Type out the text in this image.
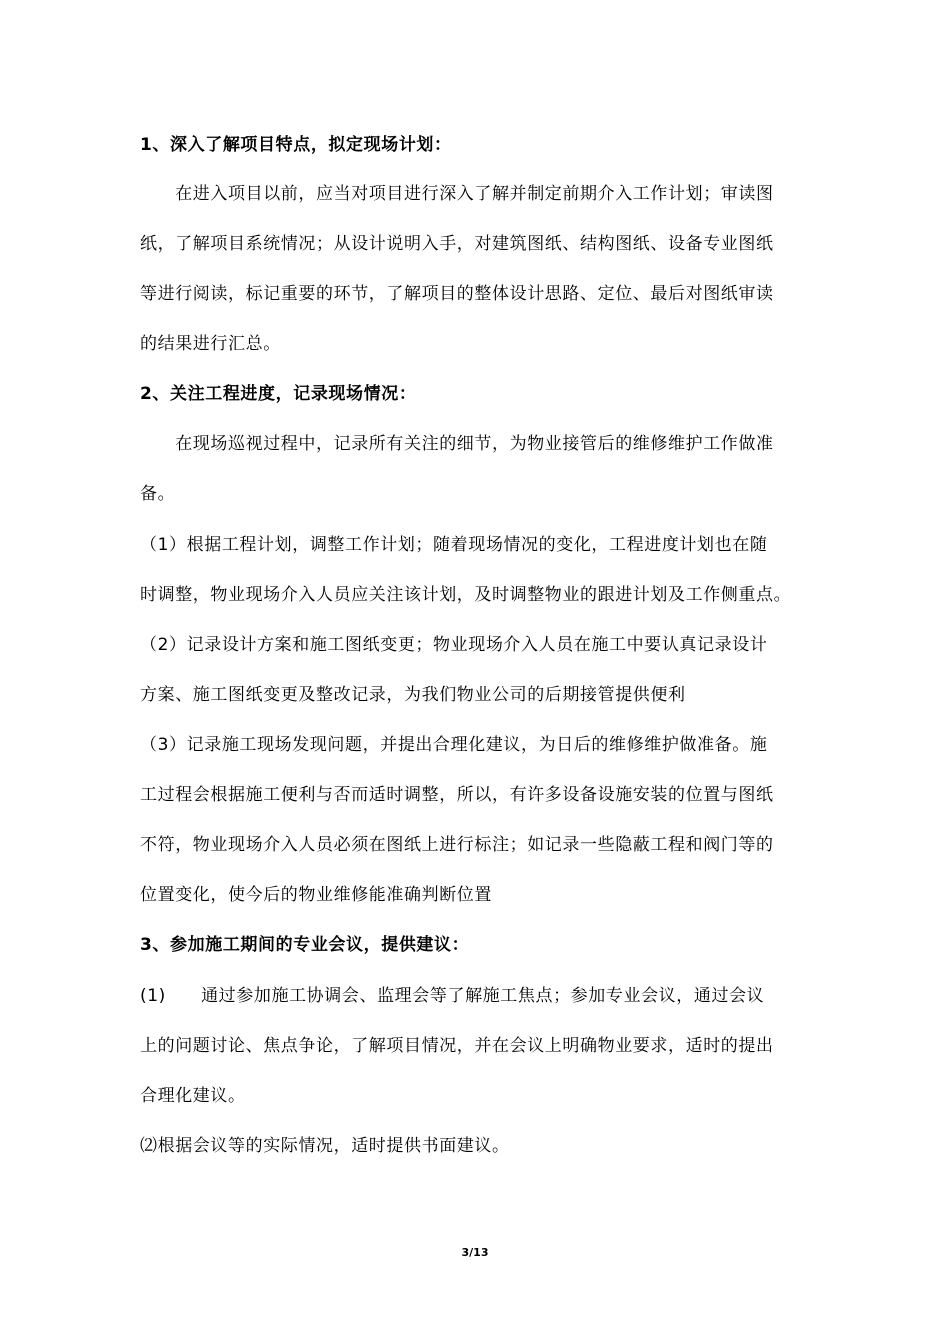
1、深入了解项目特点，拟定现场计划：
　　在进入项目以前，应当对项目进行深入了解并制定前期介入工作计划；审读图
纸，了解项目系统情况；从设计说明入手，对建筑图纸、结构图纸、设备专业图纸
等进行阅读，标记重要的环节，了解项目的整体设计思路、定位、最后对图纸审读
的结果进行汇总。
2、关注工程进度，记录现场情况：
　　在现场巡视过程中，记录所有关注的细节，为物业接管后的维修维护工作做准
备。
（1）根据工程计划，调整工作计划；随着现场情况的变化，工程进度计划也在随
时调整，物业现场介入人员应关注该计划，及时调整物业的跟进计划及工作侧重点。
（2）记录设计方案和施工图纸变更；物业现场介入人员在施工中要认真记录设计
方案、施工图纸变更及整改记录，为我们物业公司的后期接管提供便利
（3）记录施工现场发现问题，并提出合理化建议，为日后的维修维护做准备。施
工过程会根据施工便利与否而适时调整，所以，有许多设备设施安装的位置与图纸
不符，物业现场介入人员必须在图纸上进行标注；如记录一些隐蔽工程和阀门等的
位置变化，使今后的物业维修能准确判断位置
3、参加施工期间的专业会议，提供建议：
(1)　　通过参加施工协调会、监理会等了解施工焦点；参加专业会议，通过会议
上的问题讨论、焦点争论，了解项目情况，并在会议上明确物业要求，适时的提出
合理化建议。
⑵根据会议等的实际情况，适时提供书面建议。
3/13
